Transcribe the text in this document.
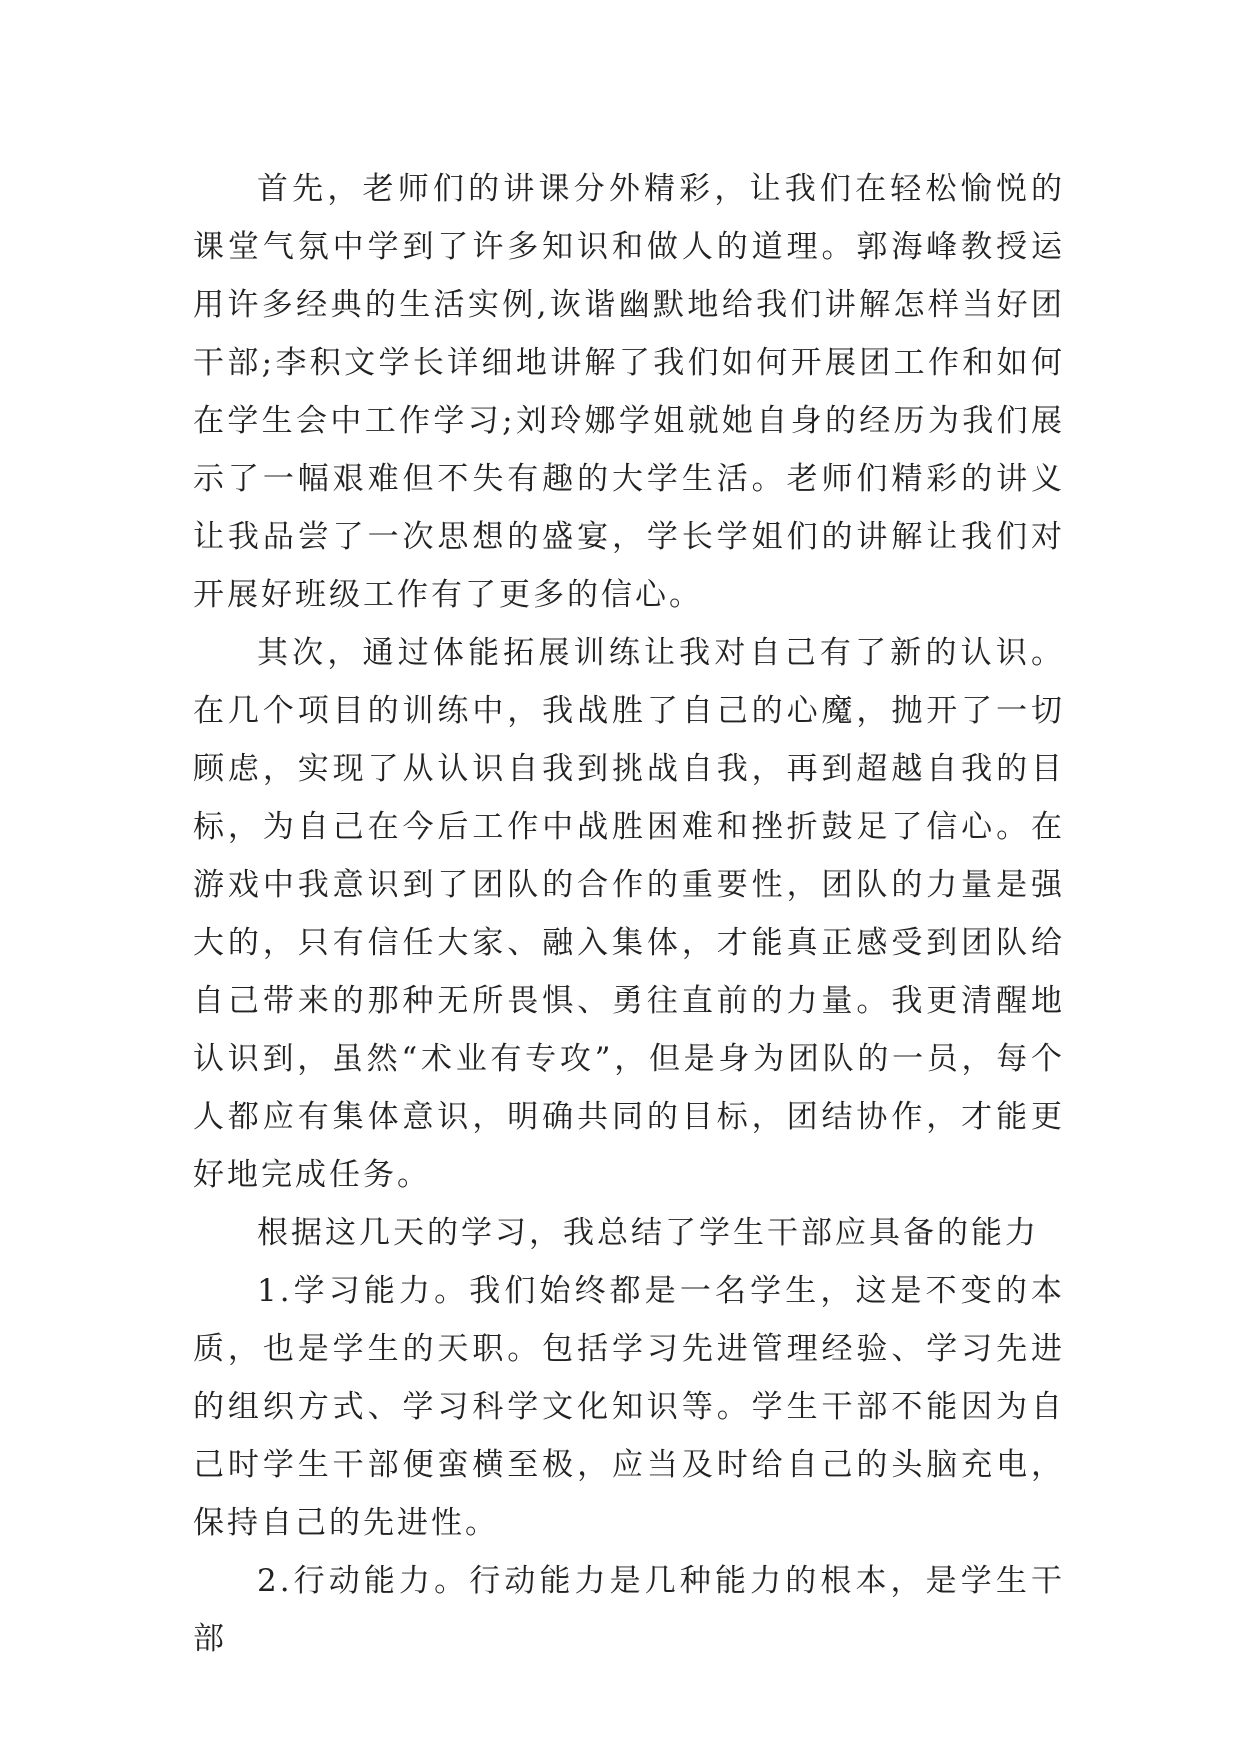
首先，老师们的讲课分外精彩，让我们在轻松愉悦的课堂气氛中学到了许多知识和做人的道理。郭海峰教授运用许多经典的生活实例,诙谐幽默地给我们讲解怎样当好团干部;李积文学长详细地讲解了我们如何开展团工作和如何在学生会中工作学习;刘玲娜学姐就她自身的经历为我们展示了一幅艰难但不失有趣的大学生活。老师们精彩的讲义让我品尝了一次思想的盛宴，学长学姐们的讲解让我们对开展好班级工作有了更多的信心。

其次，通过体能拓展训练让我对自己有了新的认识。在几个项目的训练中，我战胜了自己的心魔，抛开了一切顾虑，实现了从认识自我到挑战自我，再到超越自我的目标，为自己在今后工作中战胜困难和挫折鼓足了信心。在游戏中我意识到了团队的合作的重要性，团队的力量是强大的，只有信任大家、融入集体，才能真正感受到团队给自己带来的那种无所畏惧、勇往直前的力量。我更清醒地认识到，虽然“术业有专攻”，但是身为团队的一员，每个人都应有集体意识，明确共同的目标，团结协作，才能更好地完成任务。

根据这几天的学习，我总结了学生干部应具备的能力

1.学习能力。我们始终都是一名学生，这是不变的本质，也是学生的天职。包括学习先进管理经验、学习先进的组织方式、学习科学文化知识等。学生干部不能因为自己时学生干部便蛮横至极，应当及时给自己的头脑充电，保持自己的先进性。

2.行动能力。行动能力是几种能力的根本，是学生干部
